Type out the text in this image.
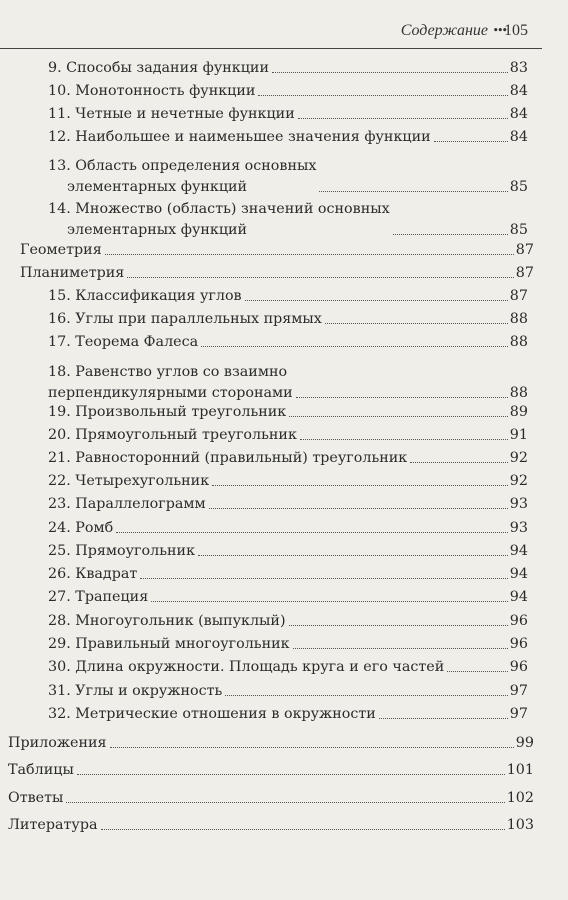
Содержание •••
105
9. Способы задания функции	83
10. Монотонность функции	84
11. Четные и нечетные функции	84
12. Наибольшее и наименьшее значения функции	84
13. Область определения основных
элементарных функций	85
14. Множество (область) значений основных
элементарных функций	85
Геометрия	87
Планиметрия	87
15. Классификация углов	87
16. Углы при параллельных прямых	88
17. Теорема Фалеса	88
18. Равенство углов со взаимно
перпендикулярными сторонами	88
19. Произвольный треугольник	89
20. Прямоугольный треугольник	91
21. Равносторонний (правильный) треугольник	92
22. Четырехугольник	92
23. Параллелограмм	93
24. Ромб	93
25. Прямоугольник	94
26. Квадрат	94
27. Трапеция	94
28. Многоугольник (выпуклый)	96
29. Правильный многоугольник	96
30. Длина окружности. Площадь круга и его частей	96
31. Углы и окружность	97
32. Метрические отношения в окружности	97
Приложения	99
Таблицы	101
Ответы	102
Литература	103
